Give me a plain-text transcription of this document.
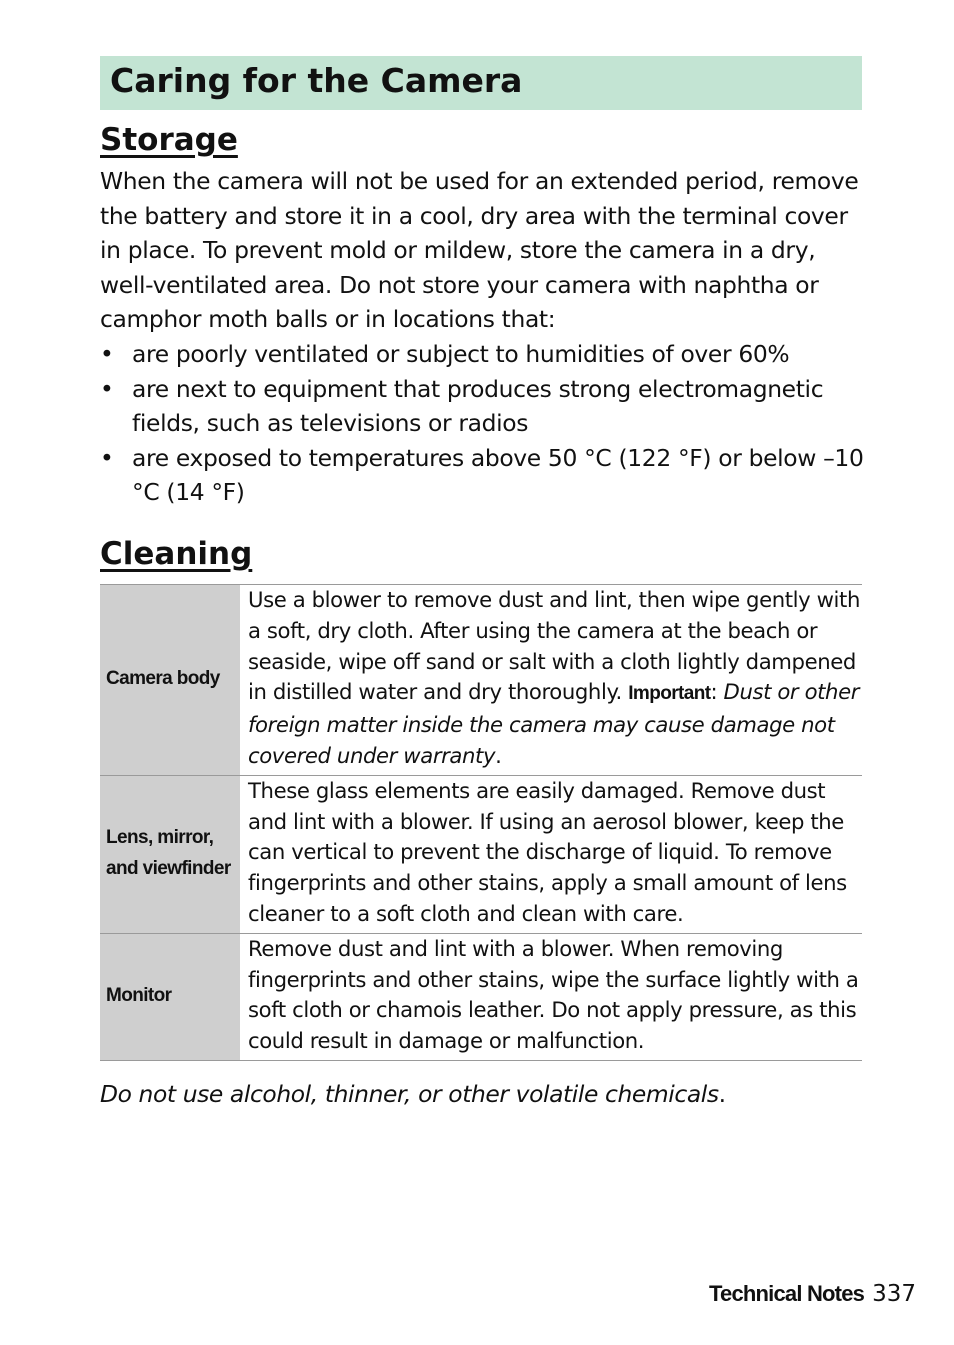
Caring for the Camera
Storage

When the camera will not be used for an extended period, remove the battery and store it in a cool, dry area with the terminal cover in place. To prevent mold or mildew, store the camera in a dry, well-ventilated area. Do not store your camera with naphtha or camphor moth balls or in locations that:

• are poorly ventilated or subject to humidities of over 60%
• are next to equipment that produces strong electromagnetic fields, such as televisions or radios
• are exposed to temperatures above 50 °C (122 °F) or below –10 °C (14 °F)
Cleaning
Camera body	Use a blower to remove dust and lint, then wipe gently with a soft, dry cloth. After using the camera at the beach or seaside, wipe off sand or salt with a cloth lightly dampened in distilled water and dry thoroughly. Important: Dust or other foreign matter inside the camera may cause damage not covered under warranty.
Lens, mirror, and viewfinder	These glass elements are easily damaged. Remove dust and lint with a blower. If using an aerosol blower, keep the can vertical to prevent the discharge of liquid. To remove fingerprints and other stains, apply a small amount of lens cleaner to a soft cloth and clean with care.
Monitor	Remove dust and lint with a blower. When removing fingerprints and other stains, wipe the surface lightly with a soft cloth or chamois leather. Do not apply pressure, as this could result in damage or malfunction.

Do not use alcohol, thinner, or other volatile chemicals.

Technical Notes 337
